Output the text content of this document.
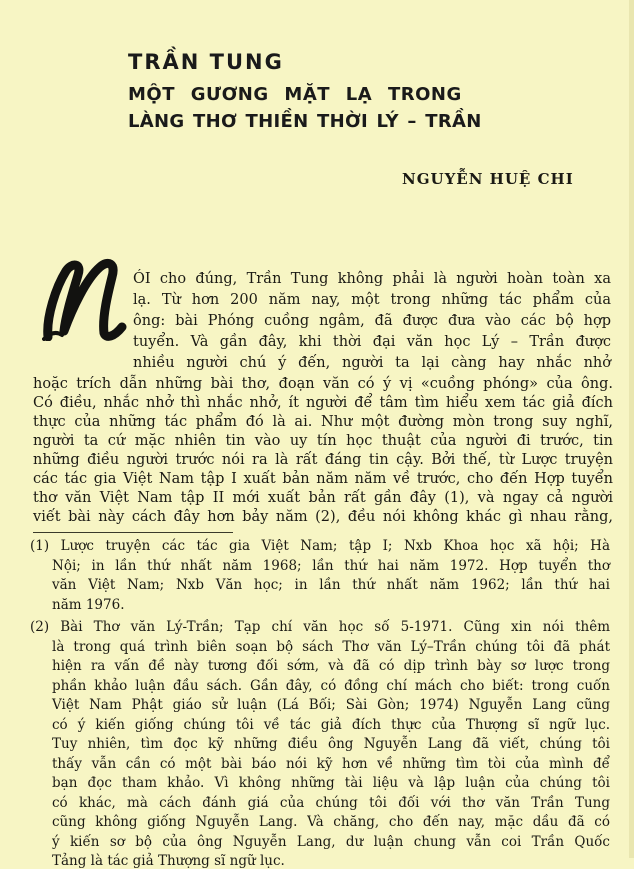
TRẦN TUNG
MỘT GƯƠNG MẶT LẠ TRONG
LÀNG THƠ THIỀN THỜI LÝ – TRẦN
NGUYỄN HUỆ CHI
ÓI cho đúng, Trần Tung không phải là người hoàn toàn xa
lạ. Từ hơn 200 năm nay, một trong những tác phẩm của
ông: bài Phóng cuồng ngâm, đã được đưa vào các bộ hợp
tuyển. Và gần đây, khi thời đại văn học Lý – Trần được
nhiều người chú ý đến, người ta lại càng hay nhắc nhở
hoặc trích dẫn những bài thơ, đoạn văn có ý vị «cuồng phóng» của ông.
Có điều, nhắc nhở thì nhắc nhở, ít người để tâm tìm hiểu xem tác giả đích
thực của những tác phẩm đó là ai. Như một đường mòn trong suy nghĩ,
người ta cứ mặc nhiên tin vào uy tín học thuật của người đi trước, tin
những điều người trước nói ra là rất đáng tin cậy. Bởi thế, từ Lược truyện
các tác gia Việt Nam tập I xuất bản năm năm về trước, cho đến Hợp tuyển
thơ văn Việt Nam tập II mới xuất bản rất gần đây (1), và ngay cả người
(1) Lược truyện các tác gia Việt Nam; tập I; Nxb Khoa học xã hội; Hà
Nội; in lần thứ nhất năm 1968; lần thứ hai năm 1972. Hợp tuyển thơ
văn Việt Nam; Nxb Văn học; in lần thứ nhất năm 1962; lần thứ hai
năm 1976.
(2) Bài Thơ văn Lý-Trần; Tạp chí văn học số 5-1971. Cũng xin nói thêm
là trong quá trình biên soạn bộ sách Thơ văn Lý–Trần chúng tôi đã phát
hiện ra vấn đề này tương đối sớm, và đã có dịp trình bày sơ lược trong
phần khảo luận đầu sách. Gần đây, có đồng chí mách cho biết: trong cuốn
Việt Nam Phật giáo sử luận (Lá Bối; Sài Gòn; 1974) Nguyễn Lang cũng
có ý kiến giống chúng tôi về tác giả đích thực của Thượng sĩ ngữ lục.
Tuy nhiên, tìm đọc kỹ những điều ông Nguyễn Lang đã viết, chúng tôi
thấy vẫn cần có một bài báo nói kỹ hơn về những tìm tòi của mình để
bạn đọc tham khảo. Vì không những tài liệu và lập luận của chúng tôi
có khác, mà cách đánh giá của chúng tôi đối với thơ văn Trần Tung
cũng không giống Nguyễn Lang. Và chăng, cho đến nay, mặc dầu đã có
viết bài này cách đây hơn bảy năm (2), đều nói không khác gì nhau rằng,
ý kiến sơ bộ của ông Nguyễn Lang, dư luận chung vẫn coi Trần Quốc
Tảng là tác giả Thượng sĩ ngữ lục.
